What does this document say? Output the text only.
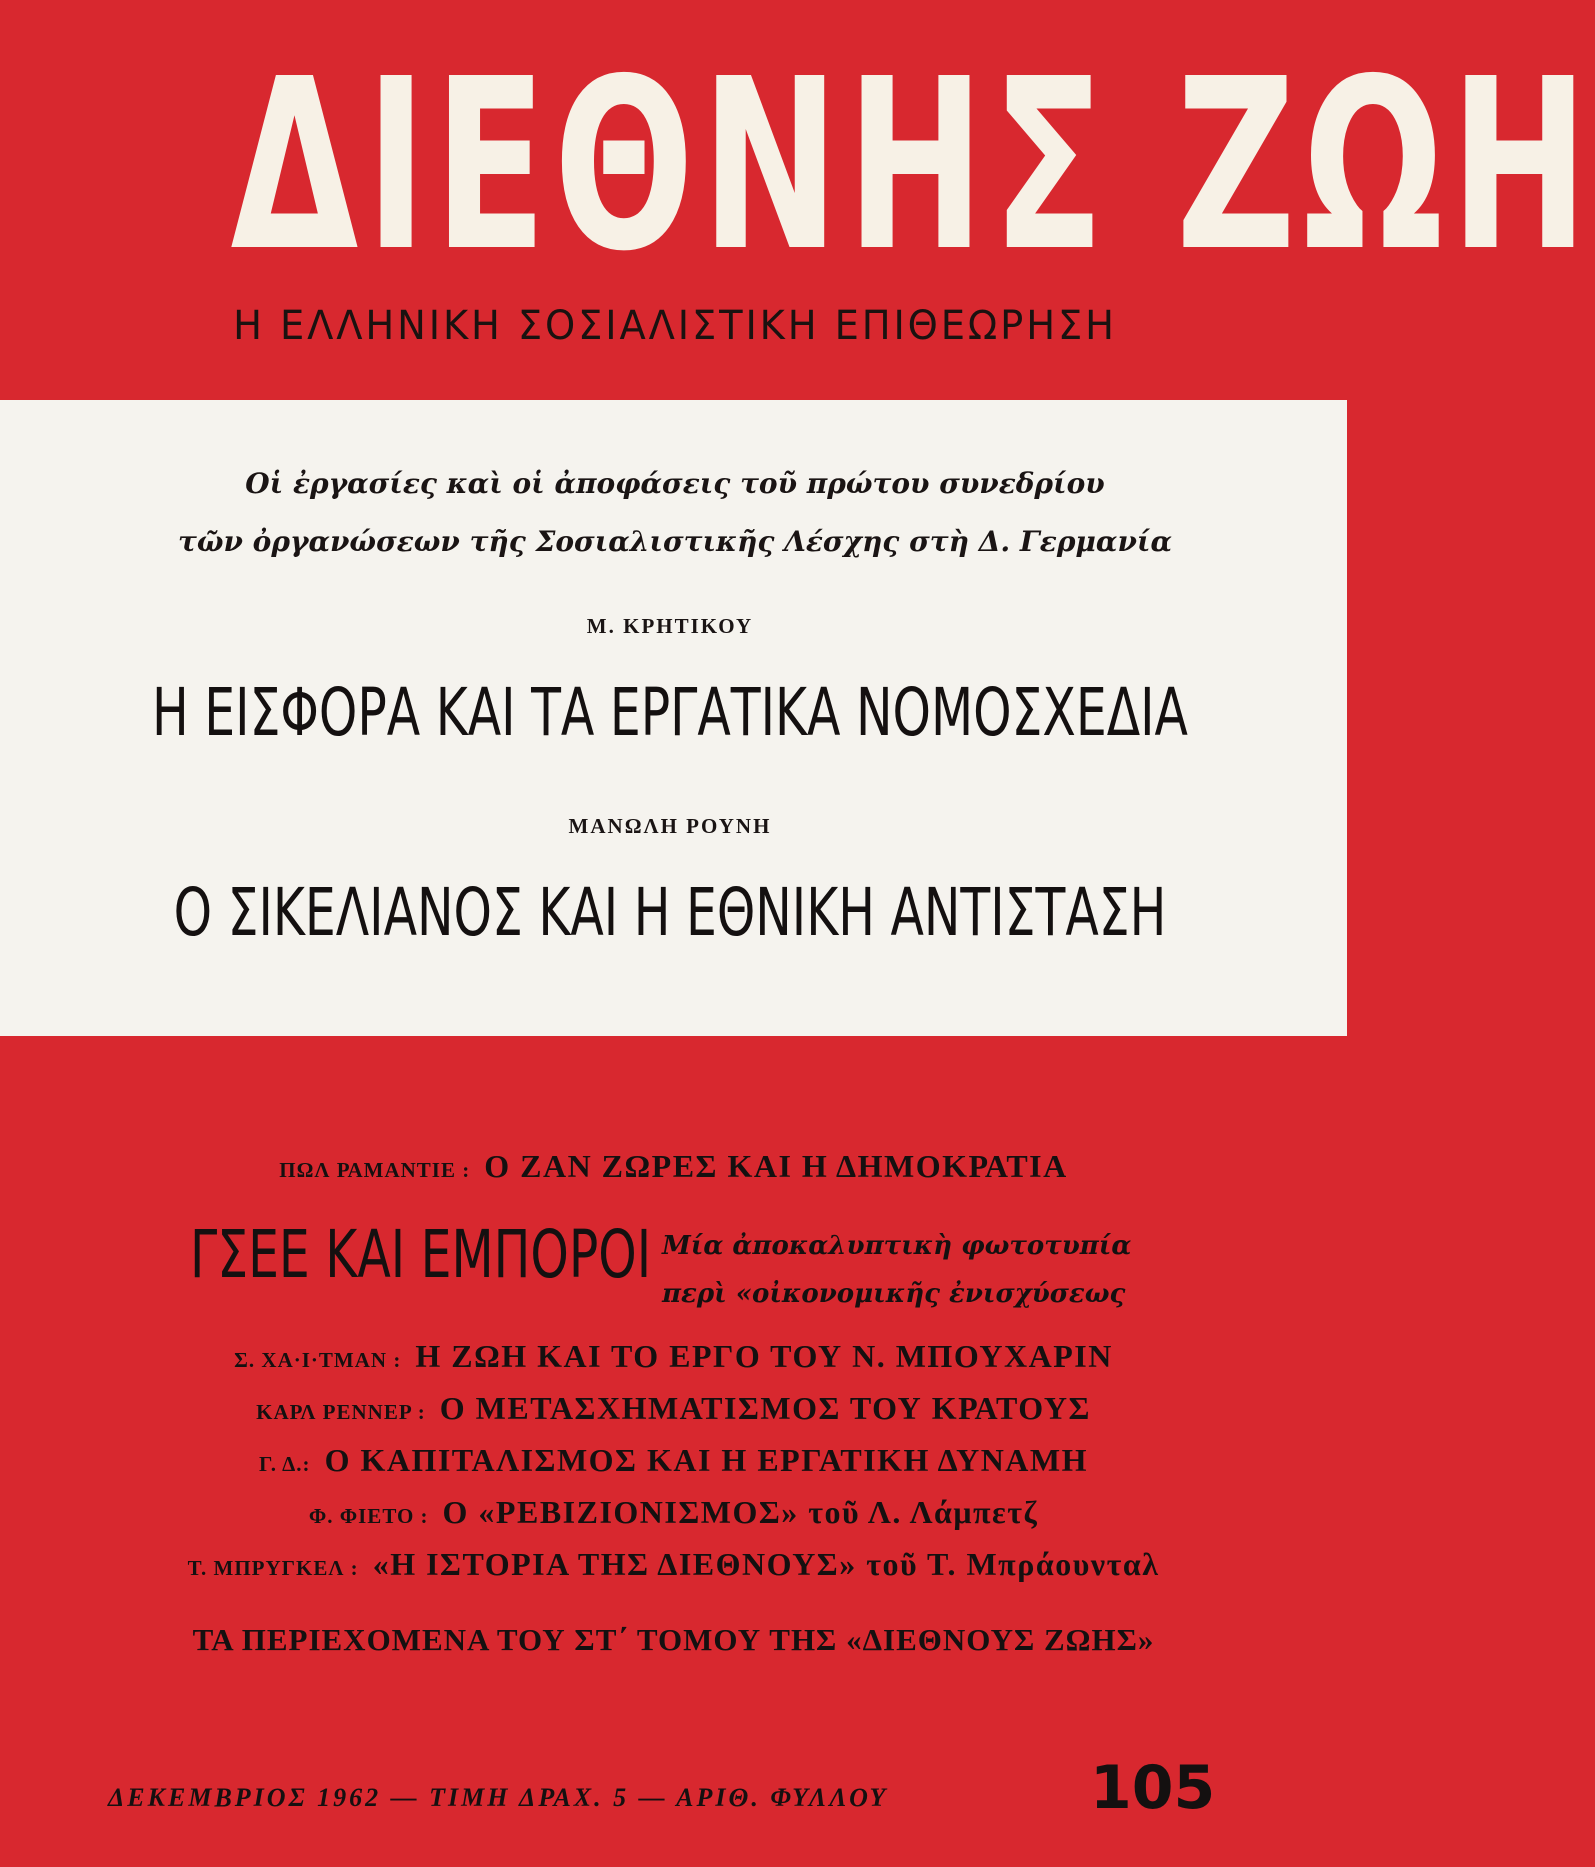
ΔΙΕΘΝΗΣ ΖΩΗ
Η ΕΛΛΗΝΙΚΗ ΣΟΣΙΑΛΙΣΤΙΚΗ ΕΠΙΘΕΩΡΗΣΗ
Οἱ ἐργασίες καὶ οἱ ἀποφάσεις τοῦ πρώτου συνεδρίου
τῶν ὀργανώσεων τῆς Σοσιαλιστικῆς Λέσχης στὴ Δ. Γερμανία
Μ. ΚΡΗΤΙΚΟΥ
Η ΕΙΣΦΟΡΑ ΚΑΙ ΤΑ ΕΡΓΑΤΙΚΑ ΝΟΜΟΣΧΕΔΙΑ
ΜΑΝΩΛΗ ΡΟΥΝΗ
Ο ΣΙΚΕΛΙΑΝΟΣ ΚΑΙ Η ΕΘΝΙΚΗ ΑΝΤΙΣΤΑΣΗ
ΠΩΛ ΡΑΜΑΝΤΙΕ : Ο ΖΑΝ ΖΩΡΕΣ ΚΑΙ Η ΔΗΜΟΚΡΑΤΙΑ
ΓΣΕΕ ΚΑΙ ΕΜΠΟΡΟΙ Μία ἀποκαλυπτικὴ φωτοτυπία
περὶ «οἰκονομικῆς ἐνισχύσεως
Σ. ΧΑ·Ι·ΤΜΑΝ : Η ΖΩΗ ΚΑΙ ΤΟ ΕΡΓΟ ΤΟΥ Ν. ΜΠΟΥΧΑΡΙΝ
ΚΑΡΛ ΡΕΝΝΕΡ : Ο ΜΕΤΑΣΧΗΜΑΤΙΣΜΟΣ ΤΟΥ ΚΡΑΤΟΥΣ
Γ. Δ.: Ο ΚΑΠΙΤΑΛΙΣΜΟΣ ΚΑΙ Η ΕΡΓΑΤΙΚΗ ΔΥΝΑΜΗ
Φ. ΦΙΕΤΟ : Ο «ΡΕΒΙΖΙΟΝΙΣΜΟΣ» τοῦ Λ. Λάμπετζ
Τ. ΜΠΡΥΓΚΕΛ : «Η ΙΣΤΟΡΙΑ ΤΗΣ ΔΙΕΘΝΟΥΣ» τοῦ Τ. Μπράουνταλ
ΤΑ ΠΕΡΙΕΧΟΜΕΝΑ ΤΟΥ ΣΤ΄ ΤΟΜΟΥ ΤΗΣ «ΔΙΕΘΝΟΥΣ ΖΩΗΣ»
ΔΕΚΕΜΒΡΙΟΣ 1962 — ΤΙΜΗ ΔΡΑΧ. 5 — ΑΡΙΘ. ΦΥΛΛΟΥ	105
